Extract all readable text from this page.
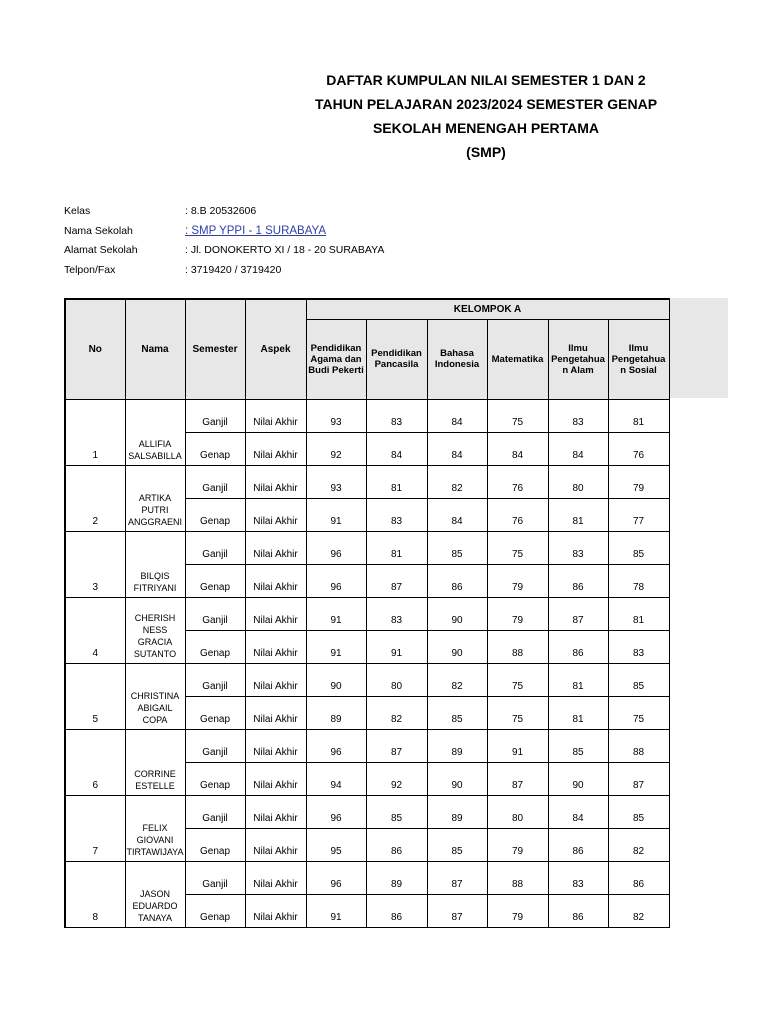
DAFTAR KUMPULAN NILAI SEMESTER 1 DAN 2
TAHUN PELAJARAN 2023/2024 SEMESTER GENAP
SEKOLAH MENENGAH PERTAMA
(SMP)
Kelas	: 8.B 20532606
Nama Sekolah	: SMP YPPI - 1 SURABAYA
Alamat Sekolah	: Jl. DONOKERTO XI / 18 - 20 SURABAYA
Telpon/Fax	: 3719420 / 3719420
No	Nama	Semester	Aspek	KELOMPOK A					
				Pendidikan Agama dan Budi Pekerti	Pendidikan Pancasila	Bahasa Indonesia	Matematika	Ilmu Pengetahuan Alam	Ilmu Pengetahuan Sosial
1	ALLIFIA SALSABILLA	Ganjil	Nilai Akhir	93	83	84	75	83	81
		Genap	Nilai Akhir	92	84	84	84	84	76
2	ARTIKA PUTRI ANGGRAENI	Ganjil	Nilai Akhir	93	81	82	76	80	79
		Genap	Nilai Akhir	91	83	84	76	81	77
3	BILQIS FITRIYANI	Ganjil	Nilai Akhir	96	81	85	75	83	85
		Genap	Nilai Akhir	96	87	86	79	86	78
4	CHERISH NESS GRACIA SUTANTO	Ganjil	Nilai Akhir	91	83	90	79	87	81
		Genap	Nilai Akhir	91	91	90	88	86	83
5	CHRISTINA ABIGAIL COPA	Ganjil	Nilai Akhir	90	80	82	75	81	85
		Genap	Nilai Akhir	89	82	85	75	81	75
6	CORRINE ESTELLE	Ganjil	Nilai Akhir	96	87	89	91	85	88
		Genap	Nilai Akhir	94	92	90	87	90	87
7	FELIX GIOVANI TIRTAWIJAYA	Ganjil	Nilai Akhir	96	85	89	80	84	85
		Genap	Nilai Akhir	95	86	85	79	86	82
8	JASON EDUARDO TANAYA	Ganjil	Nilai Akhir	96	89	87	88	83	86
		Genap	Nilai Akhir	91	86	87	79	86	82
